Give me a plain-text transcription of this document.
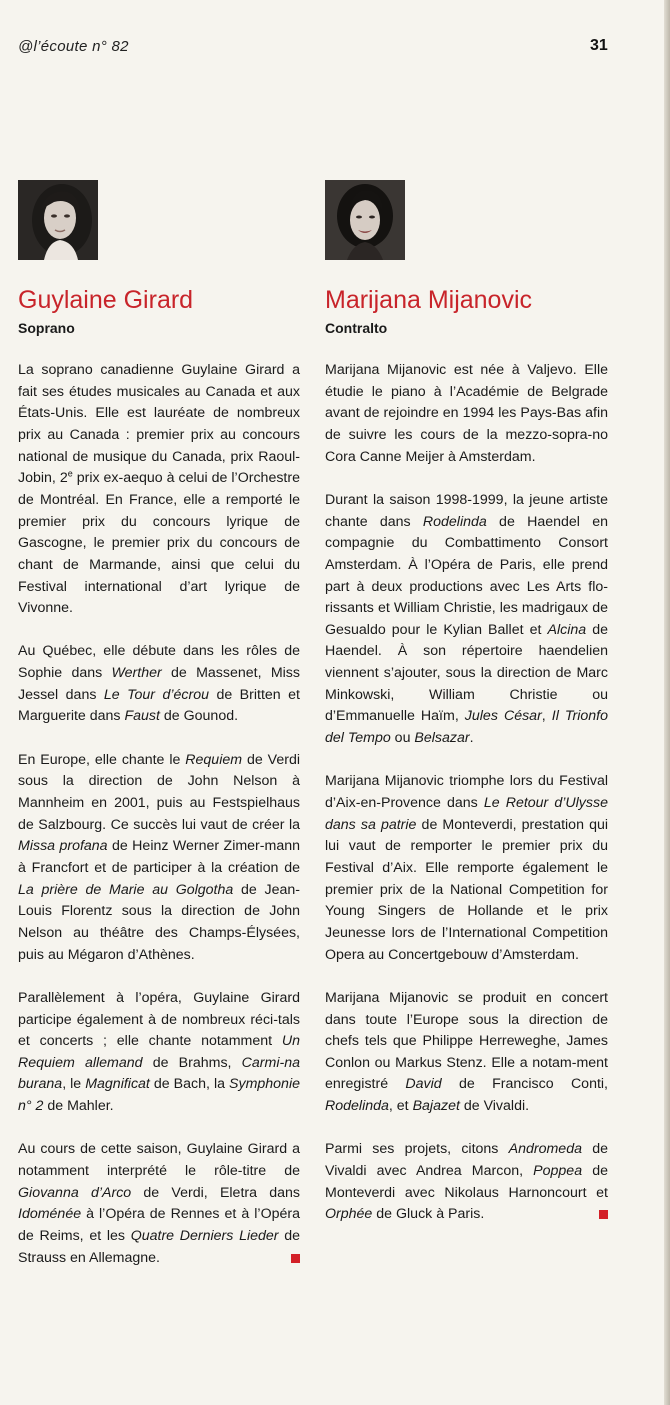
@l’écoute n° 82	31
Guylaine Girard
Soprano

La soprano canadienne Guylaine Girard a fait ses études musicales au Canada et aux États-Unis. Elle est lauréate de nombreux prix au Canada : premier prix au concours national de musique du Canada, prix Raoul-Jobin, 2e prix ex-aequo à celui de l’Orchestre de Montréal. En France, elle a remporté le premier prix du concours lyrique de Gascogne, le premier prix du concours de chant de Marmande, ainsi que celui du Festival international d’art lyrique de Vivonne.

Au Québec, elle débute dans les rôles de Sophie dans Werther de Massenet, Miss Jessel dans Le Tour d’écrou de Britten et Marguerite dans Faust de Gounod.

En Europe, elle chante le Requiem de Verdi sous la direction de John Nelson à Mannheim en 2001, puis au Festspielhaus de Salzbourg. Ce succès lui vaut de créer la Missa profana de Heinz Werner Zimer-mann à Francfort et de participer à la création de La prière de Marie au Golgotha de Jean-Louis Florentz sous la direction de John Nelson au théâtre des Champs-Élysées, puis au Mégaron d’Athènes.

Parallèlement à l’opéra, Guylaine Girard participe également à de nombreux réci-tals et concerts ; elle chante notamment Un Requiem allemand de Brahms, Carmi-na burana, le Magnificat de Bach, la Symphonie n° 2 de Mahler.

Au cours de cette saison, Guylaine Girard a notamment interprété le rôle-titre de Giovanna d’Arco de Verdi, Eletra dans Idoménée à l’Opéra de Rennes et à l’Opéra de Reims, et les Quatre Derniers Lieder de Strauss en Allemagne.

Marijana Mijanovic
Contralto

Marijana Mijanovic est née à Valjevo. Elle étudie le piano à l’Académie de Belgrade avant de rejoindre en 1994 les Pays-Bas afin de suivre les cours de la mezzo-sopra-no Cora Canne Meijer à Amsterdam.

Durant la saison 1998-1999, la jeune artiste chante dans Rodelinda de Haendel en compagnie du Combattimento Consort Amsterdam. À l’Opéra de Paris, elle prend part à deux productions avec Les Arts flo-rissants et William Christie, les madrigaux de Gesualdo pour le Kylian Ballet et Alcina de Haendel. À son répertoire haendelien viennent s’ajouter, sous la direction de Marc Minkowski, William Christie ou d’Emmanuelle Haïm, Jules César, Il Trionfo del Tempo ou Belsazar.

Marijana Mijanovic triomphe lors du Festival d’Aix-en-Provence dans Le Retour d’Ulysse dans sa patrie de Monteverdi, prestation qui lui vaut de remporter le premier prix du Festival d’Aix. Elle remporte également le premier prix de la National Competition for Young Singers de Hollande et le prix Jeunesse lors de l’International Competition Opera au Concertgebouw d’Amsterdam.

Marijana Mijanovic se produit en concert dans toute l’Europe sous la direction de chefs tels que Philippe Herreweghe, James Conlon ou Markus Stenz. Elle a notam-ment enregistré David de Francisco Conti, Rodelinda, et Bajazet de Vivaldi.

Parmi ses projets, citons Andromeda de Vivaldi avec Andrea Marcon, Poppea de Monteverdi avec Nikolaus Harnoncourt et Orphée de Gluck à Paris.
